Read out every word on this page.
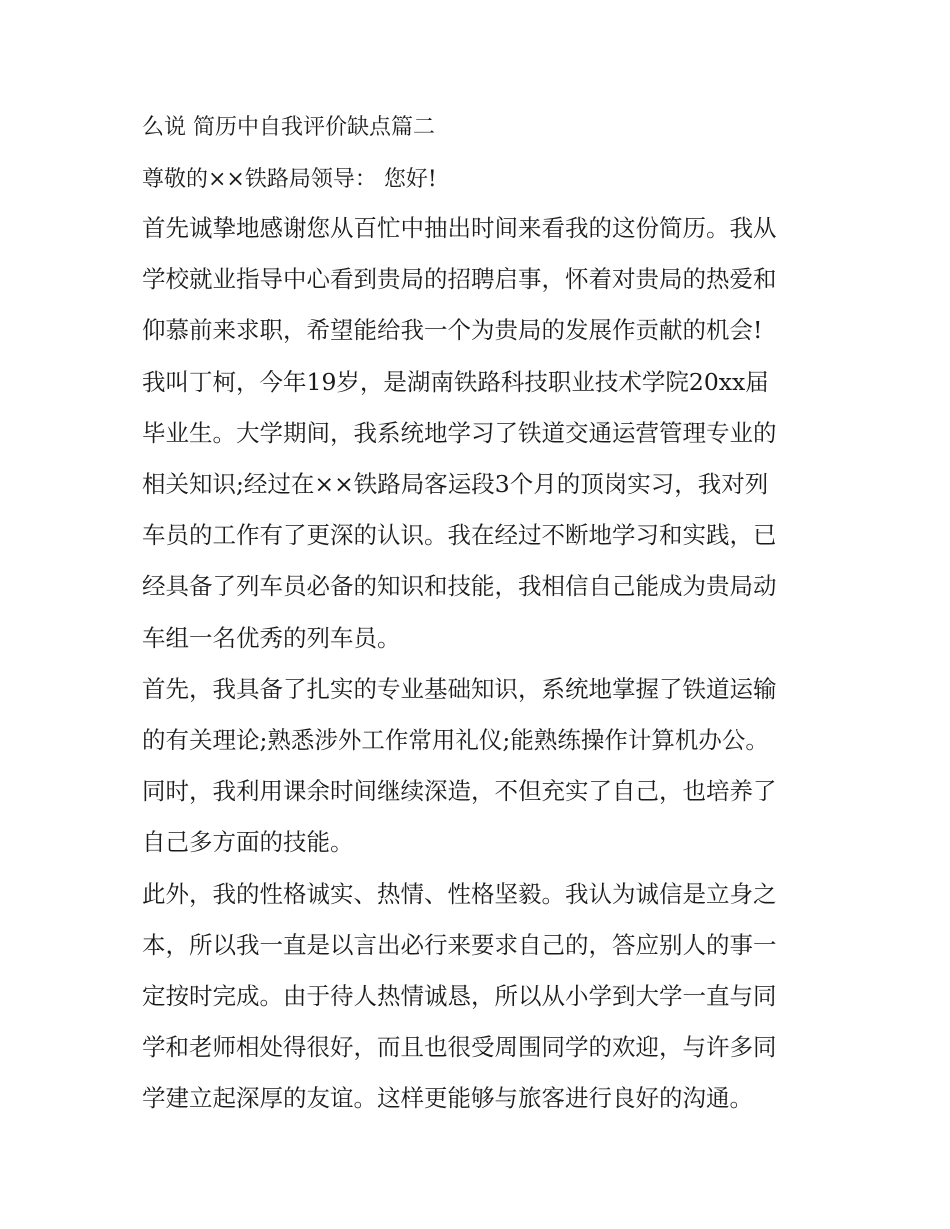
么说 简历中自我评价缺点篇二
尊敬的××铁路局领导： 您好!

首先诚挚地感谢您从百忙中抽出时间来看我的这份简历。我从
学校就业指导中心看到贵局的招聘启事，怀着对贵局的热爱和
仰慕前来求职，希望能给我一个为贵局的发展作贡献的机会!

我叫丁柯，今年19岁，是湖南铁路科技职业技术学院20xx届
毕业生。大学期间，我系统地学习了铁道交通运营管理专业的
相关知识;经过在××铁路局客运段3个月的顶岗实习，我对列
车员的工作有了更深的认识。我在经过不断地学习和实践，已
经具备了列车员必备的知识和技能，我相信自己能成为贵局动
车组一名优秀的列车员。

首先，我具备了扎实的专业基础知识，系统地掌握了铁道运输
的有关理论;熟悉涉外工作常用礼仪;能熟练操作计算机办公。
同时，我利用课余时间继续深造，不但充实了自己，也培养了
自己多方面的技能。

此外，我的性格诚实、热情、性格坚毅。我认为诚信是立身之
本，所以我一直是以言出必行来要求自己的，答应别人的事一
定按时完成。由于待人热情诚恳，所以从小学到大学一直与同
学和老师相处得很好，而且也很受周围同学的欢迎，与许多同
学建立起深厚的友谊。这样更能够与旅客进行良好的沟通。
